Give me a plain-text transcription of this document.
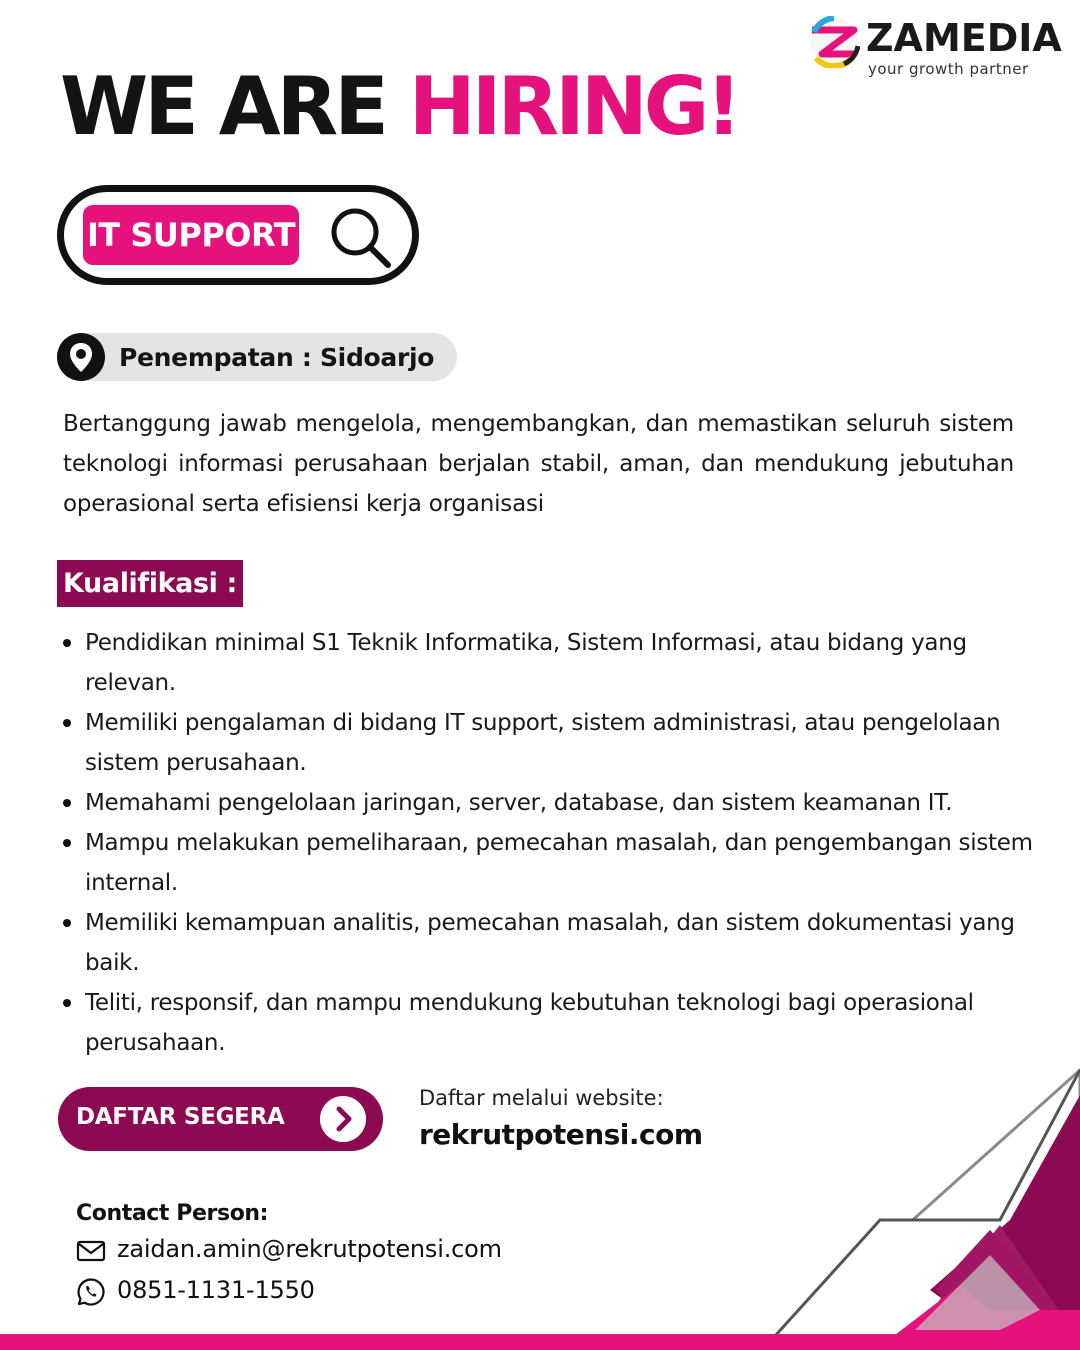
ZAMEDIA
your growth partner
WE ARE HIRING!
IT SUPPORT
Penempatan : Sidoarjo

Bertanggung jawab mengelola, mengembangkan, dan memastikan seluruh sistem teknologi informasi perusahaan berjalan stabil, aman, dan mendukung jebutuhan operasional serta efisiensi kerja organisasi

Kualifikasi :
Pendidikan minimal S1 Teknik Informatika, Sistem Informasi, atau bidang yang relevan.
Memiliki pengalaman di bidang IT support, sistem administrasi, atau pengelolaan sistem perusahaan.
Memahami pengelolaan jaringan, server, database, dan sistem keamanan IT.
Mampu melakukan pemeliharaan, pemecahan masalah, dan pengembangan sistem internal.
Memiliki kemampuan analitis, pemecahan masalah, dan sistem dokumentasi yang baik.
Teliti, responsif, dan mampu mendukung kebutuhan teknologi bagi operasional perusahaan.
DAFTAR SEGERA
Daftar melalui website:
rekrutpotensi.com
Contact Person:
zaidan.amin@rekrutpotensi.com
0851-1131-1550
